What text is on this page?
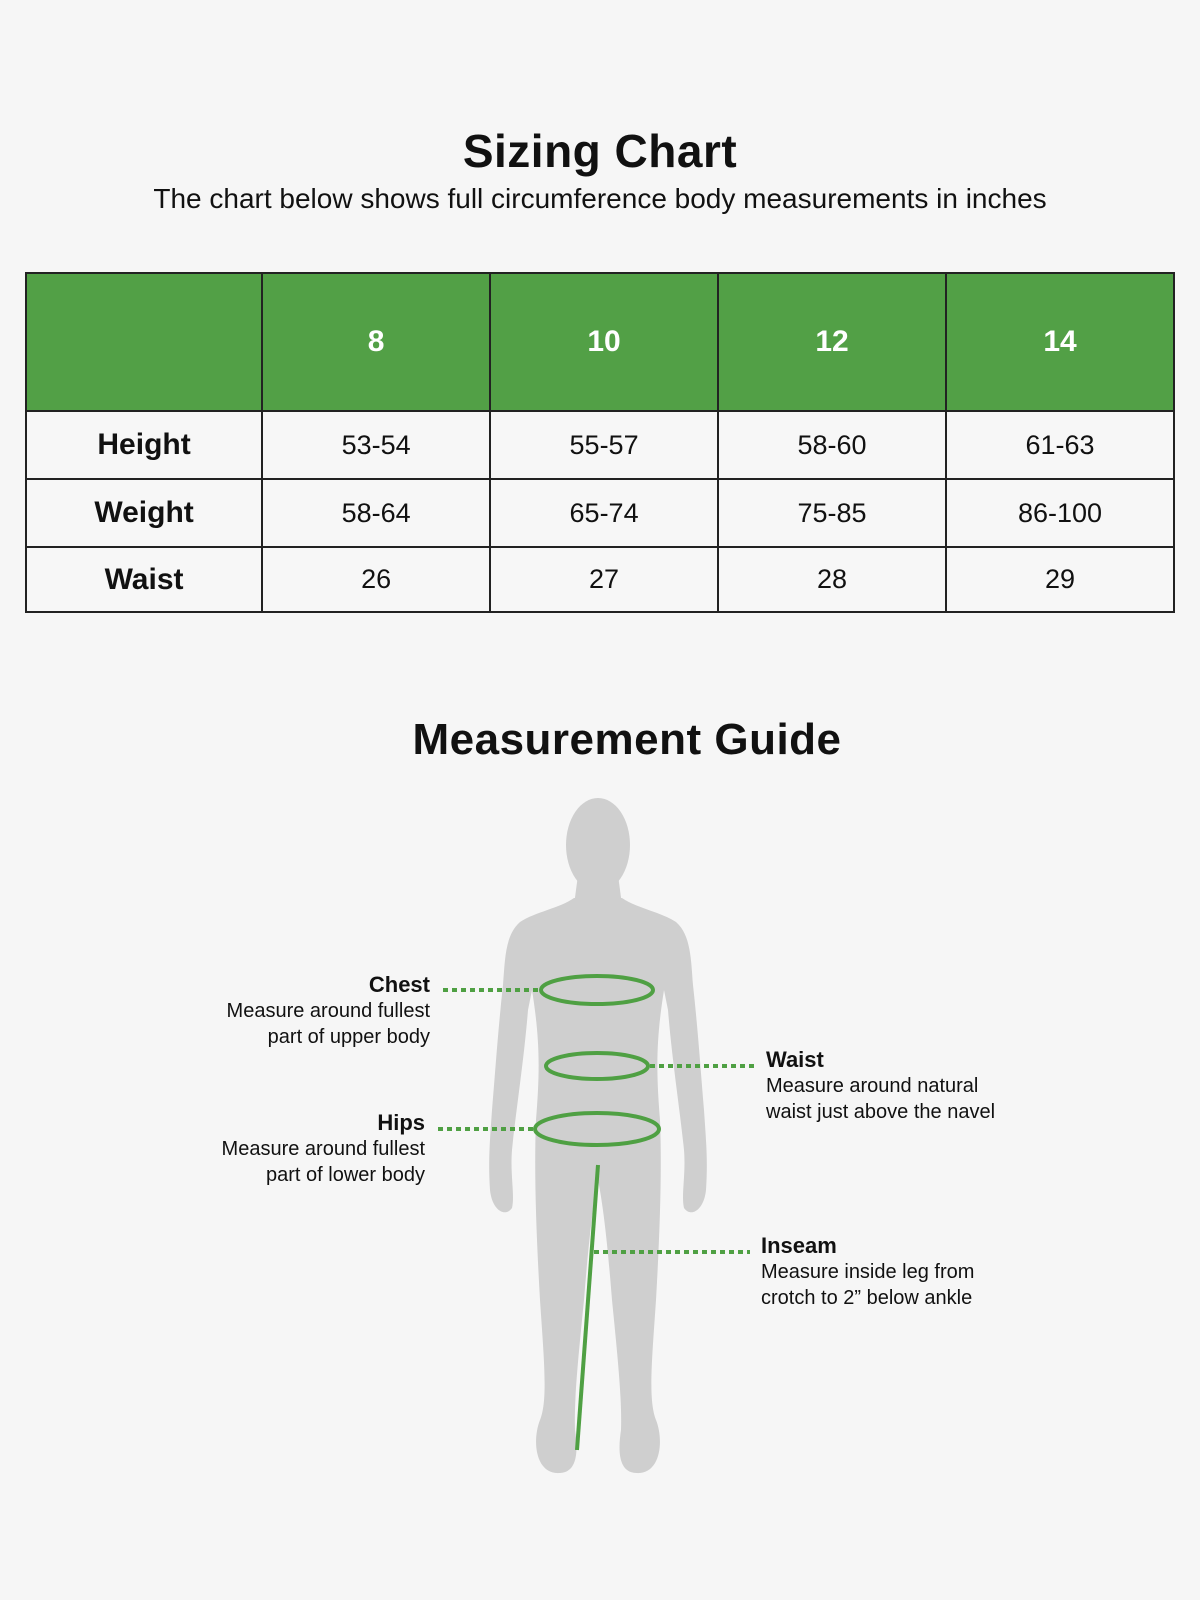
Sizing Chart
The chart below shows full circumference body measurements in inches
	8	10	12	14
Height	53-54	55-57	58-60	61-63
Weight	58-64	65-74	75-85	86-100
Waist	26	27	28	29
Measurement Guide
Chest
Measure around fullest
part of upper body
Hips
Measure around fullest
part of lower body
Waist
Measure around natural
waist just above the navel
Inseam
Measure inside leg from
crotch to 2” below ankle
